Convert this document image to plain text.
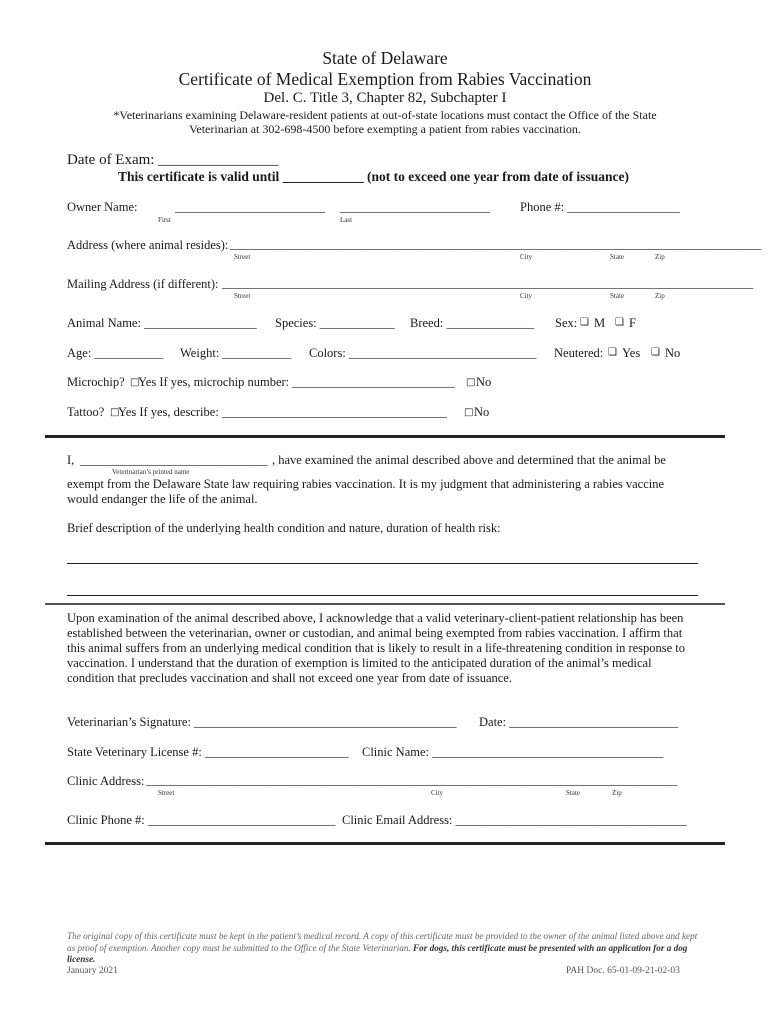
State of Delaware
Certificate of Medical Exemption from Rabies Vaccination
Del. C. Title 3, Chapter 82, Subchapter I
*Veterinarians examining Delaware-resident patients at out-of-state locations must contact the Office of the State
Veterinarian at 302-698-4500 before exempting a patient from rabies vaccination.
Date of Exam: ________________
This certificate is valid until ____________ (not to exceed one year from date of issuance)
Owner Name:	________________________ ________________________
First	Last
Phone #: __________________
Address (where animal resides): _____________________________________________________________________________________
Street	City	State	Zip
Mailing Address (if different): _____________________________________________________________________________________
Street	City	State	Zip
Animal Name: __________________ Species: ____________ Breed: ______________ Sex: ❏ M ❏ F
Age: ___________ Weight: ___________ Colors: ______________________________ Neutered: ❏ Yes ❏ No
Microchip? □
Yes If yes, microchip number: __________________________ □ No
Tattoo? □
Yes If yes, describe: ____________________________________ □ No
I, ______________________________
Veterinarian’s printed name
, have examined the animal described above and determined that the animal be
exempt from the Delaware State law requiring rabies vaccination. It is my judgment that administering a rabies vaccine
would endanger the life of the animal.
Brief description of the underlying health condition and nature, duration of health risk:
Upon examination of the animal described above, I acknowledge that a valid veterinary-client-patient relationship has been
established between the veterinarian, owner or custodian, and animal being exempted from rabies vaccination. I affirm that
this animal suffers from an underlying medical condition that is likely to result in a life-threatening condition in response to
vaccination. I understand that the duration of exemption is limited to the anticipated duration of the animal’s medical
condition that precludes vaccination and shall not exceed one year from date of issuance.
Veterinarian’s Signature: __________________________________________ Date: ___________________________
State Veterinary License #: _______________________ Clinic Name: _____________________________________
Clinic Address: _____________________________________________________________________________________
Street	City	State	Zip
Clinic Phone #: ______________________________ Clinic Email Address: _____________________________________
The original copy of this certificate must be kept in the patient’s medical record. A copy of this certificate must be provided to the owner of the animal listed above and kept as proof of exemption. Another copy must be submitted to the Office of the State Veterinarian. For dogs, this certificate must be presented with an application for a dog license.
January 2021	PAH Doc. 65-01-09-21-02-03
